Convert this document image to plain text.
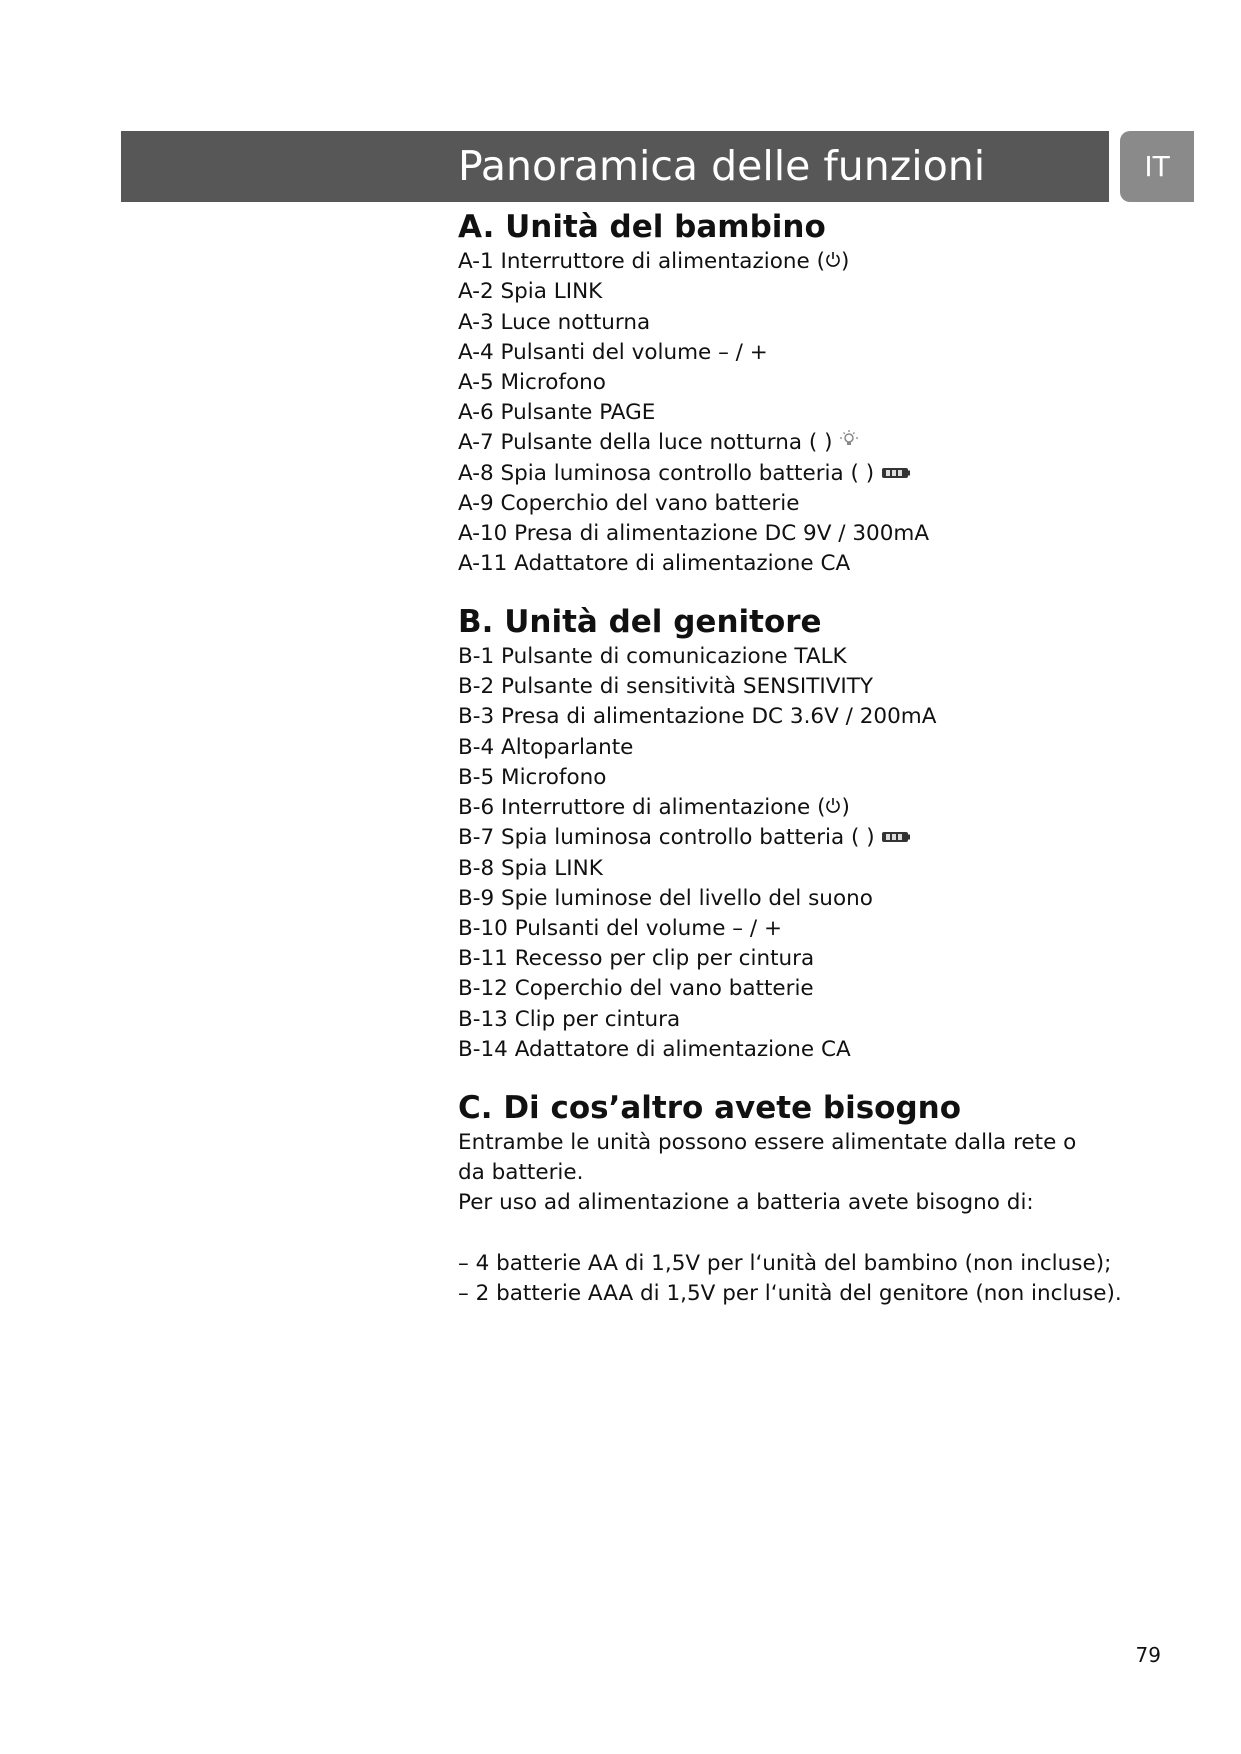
Panoramica delle funzioni	IT
A. Unità del bambino
A-1 Interruttore di alimentazione ( )
A-2 Spia LINK
A-3 Luce notturna
A-4 Pulsanti del volume – / +
A-5 Microfono
A-6 Pulsante PAGE
A-7 Pulsante della luce notturna ( )
A-8 Spia luminosa controllo batteria ( )
A-9 Coperchio del vano batterie
A-10 Presa di alimentazione DC 9V / 300mA
A-11 Adattatore di alimentazione CA
B. Unità del genitore
B-1 Pulsante di comunicazione TALK
B-2 Pulsante di sensitività SENSITIVITY
B-3 Presa di alimentazione DC 3.6V / 200mA
B-4 Altoparlante
B-5 Microfono
B-6 Interruttore di alimentazione ( )
B-7 Spia luminosa controllo batteria ( )
B-8 Spia LINK
B-9 Spie luminose del livello del suono
B-10 Pulsanti del volume – / +
B-11 Recesso per clip per cintura
B-12 Coperchio del vano batterie
B-13 Clip per cintura
B-14 Adattatore di alimentazione CA
C. Di cos’altro avete bisogno
Entrambe le unità possono essere alimentate dalla rete o da batterie.
Per uso ad alimentazione a batteria avete bisogno di:
– 4 batterie AA di 1,5V per l‘unità del bambino (non incluse);
– 2 batterie AAA di 1,5V per l‘unità del genitore (non incluse).
79
